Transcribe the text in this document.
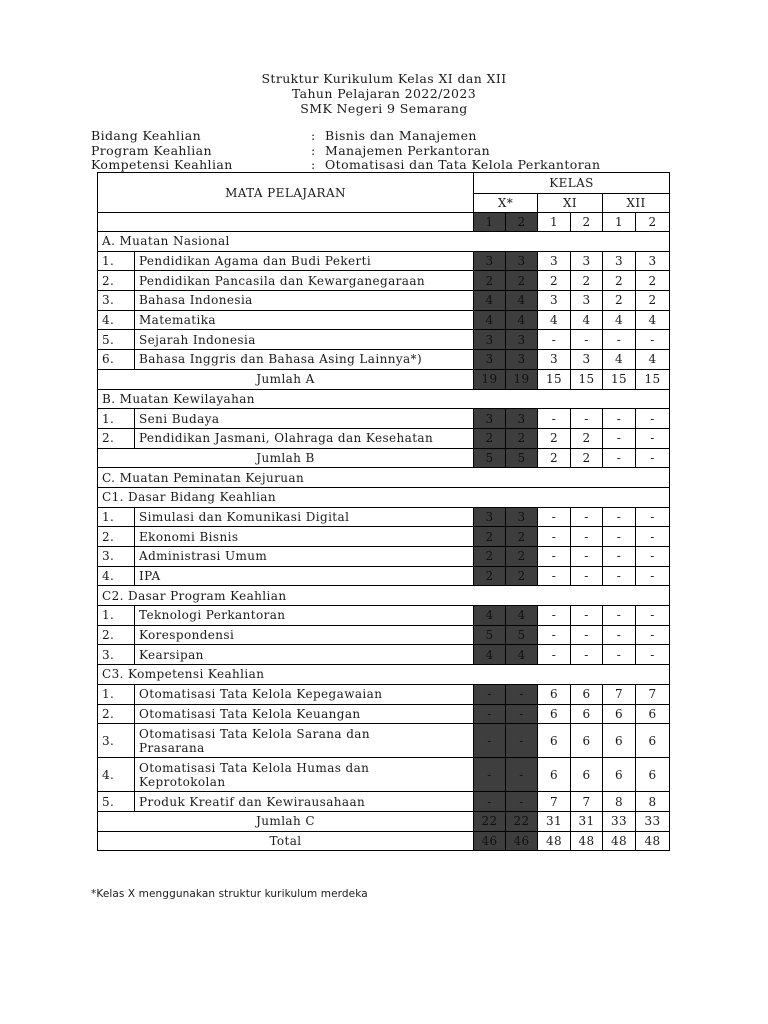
Struktur Kurikulum Kelas XI dan XII
Tahun Pelajaran 2022/2023
SMK Negeri 9 Semarang
Bidang Keahlian	: Bisnis dan Manajemen
Program Keahlian	: Manajemen Perkantoran
Kompetensi Keahlian	: Otomatisasi dan Tata Kelola Perkantoran
MATA PELAJARAN		KELAS					
		X*		XI		XII	
		1	2	1	2	1	2
A. Muatan Nasional							
1.	Pendidikan Agama dan Budi Pekerti	3	3	3	3	3	3
2.	Pendidikan Pancasila dan Kewarganegaraan	2	2	2	2	2	2
3.	Bahasa Indonesia	4	4	3	3	2	2
4.	Matematika	4	4	4	4	4	4
5.	Sejarah Indonesia	3	3	-	-	-	-
6.	Bahasa Inggris dan Bahasa Asing Lainnya*)	3	3	3	3	4	4
Jumlah A		19	19	15	15	15	15
B. Muatan Kewilayahan							
1.	Seni Budaya	3	3	-	-	-	-
2.	Pendidikan Jasmani, Olahraga dan Kesehatan	2	2	2	2	-	-
Jumlah B		5	5	2	2	-	-
C. Muatan Peminatan Kejuruan							
C1. Dasar Bidang Keahlian							
1.	Simulasi dan Komunikasi Digital	3	3	-	-	-	-
2.	Ekonomi Bisnis	2	2	-	-	-	-
3.	Administrasi Umum	2	2	-	-	-	-
4.	IPA	2	2	-	-	-	-
C2. Dasar Program Keahlian							
1.	Teknologi Perkantoran	4	4	-	-	-	-
2.	Korespondensi	5	5	-	-	-	-
3.	Kearsipan	4	4	-	-	-	-
C3. Kompetensi Keahlian							
1.	Otomatisasi Tata Kelola Kepegawaian	-	-	6	6	7	7
2.	Otomatisasi Tata Kelola Keuangan	-	-	6	6	6	6
3.	Otomatisasi Tata Kelola Sarana dan Prasarana	-	-	6	6	6	6
4.	Otomatisasi Tata Kelola Humas dan Keprotokolan	-	-	6	6	6	6
5.	Produk Kreatif dan Kewirausahaan	-	-	7	7	8	8
Jumlah C		22	22	31	31	33	33
Total		46	46	48	48	48	48
*Kelas X menggunakan struktur kurikulum merdeka
